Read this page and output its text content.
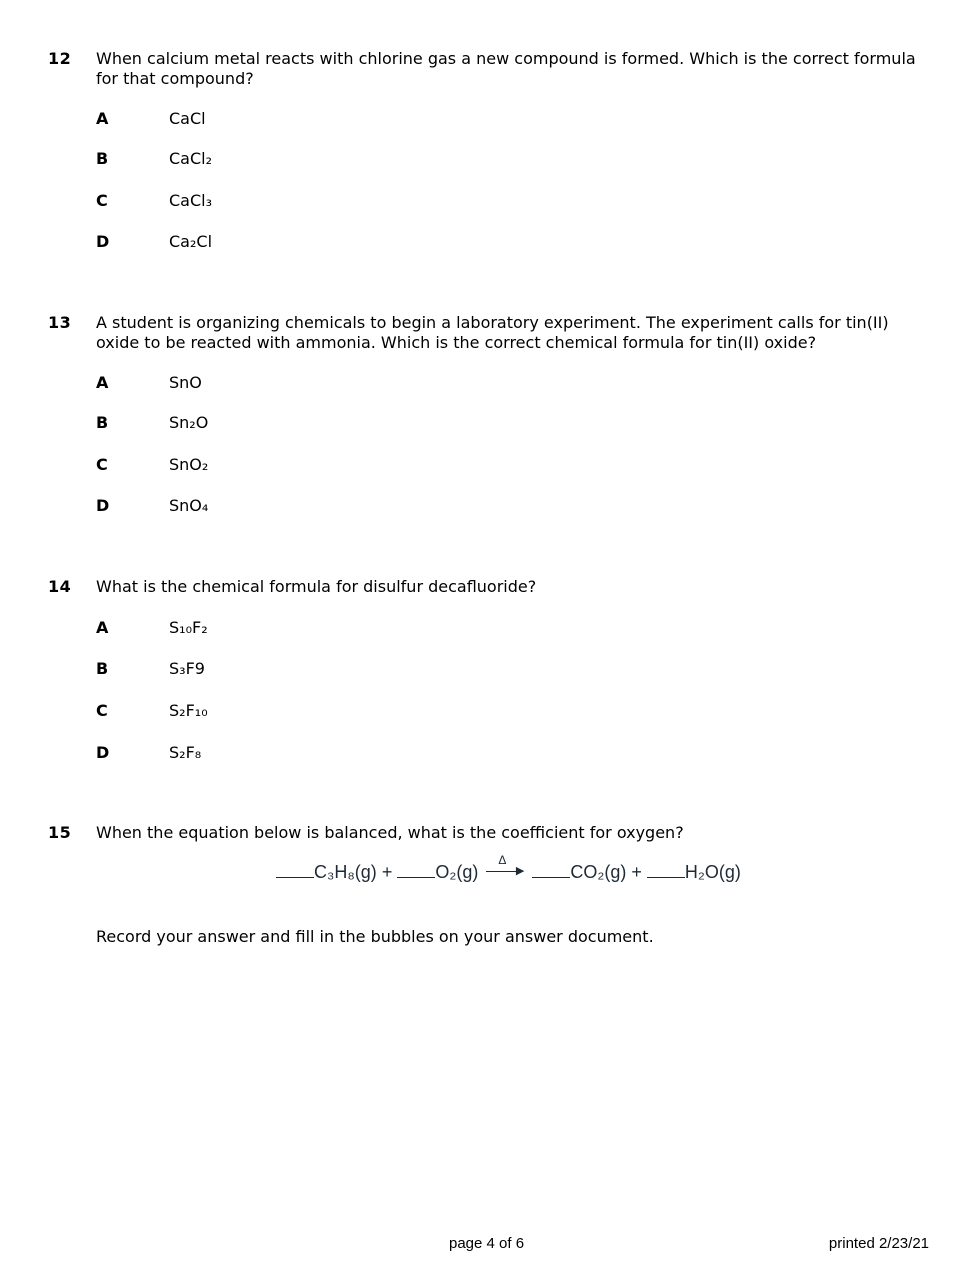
12 When calcium metal reacts with chlorine gas a new compound is formed. Which is the correct formula for that compound?
A	CaCl
B	CaCl₂
C	CaCl₃
D	Ca₂Cl
13 A student is organizing chemicals to begin a laboratory experiment. The experiment calls for tin(II) oxide to be reacted with ammonia. Which is the correct chemical formula for tin(II) oxide?
A	SnO
B	Sn₂O
C	SnO₂
D	SnO₄
14 What is the chemical formula for disulfur decafluoride?
A	S₁₀F₂
B	S₃F9
C	S₂F₁₀
D	S₂F₈
15 When the equation below is balanced, what is the coefficient for oxygen?
C₃H₈(g) + O₂(g)
Δ
▶	CO₂(g) + H₂O(g)
Record your answer and fill in the bubbles on your answer document.
page 4 of 6	printed 2/23/21
